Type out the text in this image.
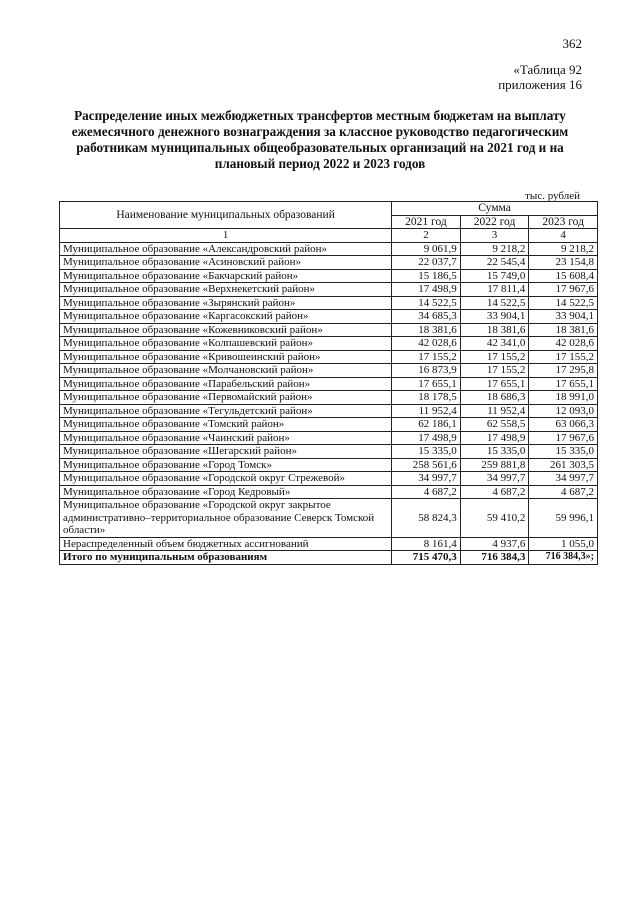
362
«Таблица 92
приложения 16
Распределение иных межбюджетных трансфертов местным бюджетам на выплату ежемесячного денежного вознаграждения за классное руководство педагогическим работникам муниципальных общеобразовательных организаций на 2021 год и на плановый период 2022 и 2023 годов
тыс. рублей
Наименование муниципальных образований	Сумма		
	2021 год	2022 год	2023 год
1	2	3	4
Муниципальное образование «Александровский район»	9 061,9	9 218,2	9 218,2
Муниципальное образование «Асиновский район»	22 037,7	22 545,4	23 154,8
Муниципальное образование «Бакчарский район»	15 186,5	15 749,0	15 608,4
Муниципальное образование «Верхнекетский район»	17 498,9	17 811,4	17 967,6
Муниципальное образование «Зырянский район»	14 522,5	14 522,5	14 522,5
Муниципальное образование «Каргасокский район»	34 685,3	33 904,1	33 904,1
Муниципальное образование «Кожевниковский район»	18 381,6	18 381,6	18 381,6
Муниципальное образование «Колпашевский район»	42 028,6	42 341,0	42 028,6
Муниципальное образование «Кривошеинский район»	17 155,2	17 155,2	17 155,2
Муниципальное образование «Молчановский район»	16 873,9	17 155,2	17 295,8
Муниципальное образование «Парабельский район»	17 655,1	17 655,1	17 655,1
Муниципальное образование «Первомайский район»	18 178,5	18 686,3	18 991,0
Муниципальное образование «Тегульдетский район»	11 952,4	11 952,4	12 093,0
Муниципальное образование «Томский район»	62 186,1	62 558,5	63 066,3
Муниципальное образование «Чаинский район»	17 498,9	17 498,9	17 967,6
Муниципальное образование «Шегарский район»	15 335,0	15 335,0	15 335,0
Муниципальное образование «Город Томск»	258 561,6	259 881,8	261 303,5
Муниципальное образование «Городской округ Стрежевой»	34 997,7	34 997,7	34 997,7
Муниципальное образование «Город Кедровый»	4 687,2	4 687,2	4 687,2
Муниципальное образование «Городской округ закрытое административно–территориальное образование Северск Томской области»	58 824,3	59 410,2	59 996,1
Нераспределенный объем бюджетных ассигнований	8 161,4	4 937,6	1 055,0
Итого по муниципальным образованиям	715 470,3	716 384,3	716 384,3»;
